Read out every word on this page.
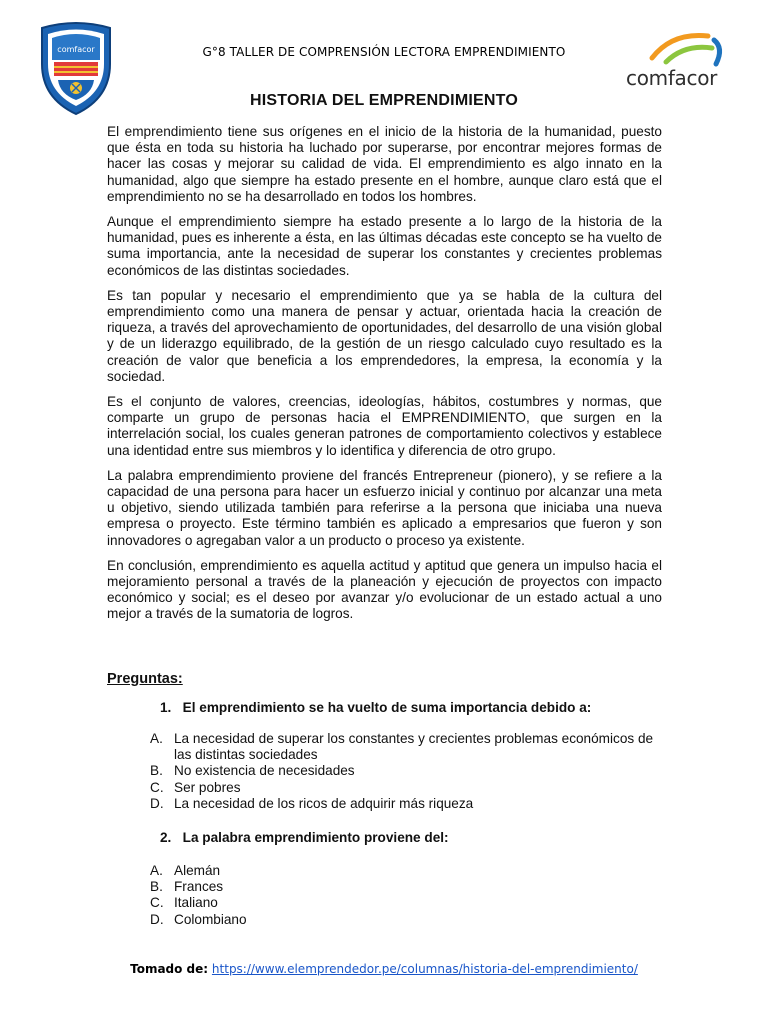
comfacor	G°8 TALLER DE COMPRENSIÓN LECTORA EMPRENDIMIENTO
comfacor
HISTORIA DEL EMPRENDIMIENTO

El emprendimiento tiene sus orígenes en el inicio de la historia de la humanidad, puesto que ésta en toda su historia ha luchado por superarse, por encontrar mejores formas de hacer las cosas y mejorar su calidad de vida. El emprendimiento es algo innato en la humanidad, algo que siempre ha estado presente en el hombre, aunque claro está que el emprendimiento no se ha desarrollado en todos los hombres.

Aunque el emprendimiento siempre ha estado presente a lo largo de la historia de la humanidad, pues es inherente a ésta, en las últimas décadas este concepto se ha vuelto de suma importancia, ante la necesidad de superar los constantes y crecientes problemas económicos de las distintas sociedades.

Es tan popular y necesario el emprendimiento que ya se habla de la cultura del emprendimiento como una manera de pensar y actuar, orientada hacia la creación de riqueza, a través del aprovechamiento de oportunidades, del desarrollo de una visión global y de un liderazgo equilibrado, de la gestión de un riesgo calculado cuyo resultado es la creación de valor que beneficia a los emprendedores, la empresa, la economía y la sociedad.

Es el conjunto de valores, creencias, ideologías, hábitos, costumbres y normas, que comparte un grupo de personas hacia el EMPRENDIMIENTO, que surgen en la interrelación social, los cuales generan patrones de comportamiento colectivos y establece una identidad entre sus miembros y lo identifica y diferencia de otro grupo.

La palabra emprendimiento proviene del francés Entrepreneur (pionero), y se refiere a la capacidad de una persona para hacer un esfuerzo inicial y continuo por alcanzar una meta u objetivo, siendo utilizada también para referirse a la persona que iniciaba una nueva empresa o proyecto. Este término también es aplicado a empresarios que fueron y son innovadores o agregaban valor a un producto o proceso ya existente.

En conclusión, emprendimiento es aquella actitud y aptitud que genera un impulso hacia el mejoramiento personal a través de la planeación y ejecución de proyectos con impacto económico y social; es el deseo por avanzar y/o evolucionar de un estado actual a uno mejor a través de la sumatoria de logros.

Preguntas:
1.   El emprendimiento se ha vuelto de suma importancia debido a:
A. La necesidad de superar los constantes y crecientes problemas económicos de las distintas sociedades
B. No existencia de necesidades
C. Ser pobres
D. La necesidad de los ricos de adquirir más riqueza
2.   La palabra emprendimiento proviene del:
A. Alemán
B. Frances
C. Italiano
D. Colombiano
Tomado de: https://www.elemprendedor.pe/columnas/historia-del-emprendimiento/
